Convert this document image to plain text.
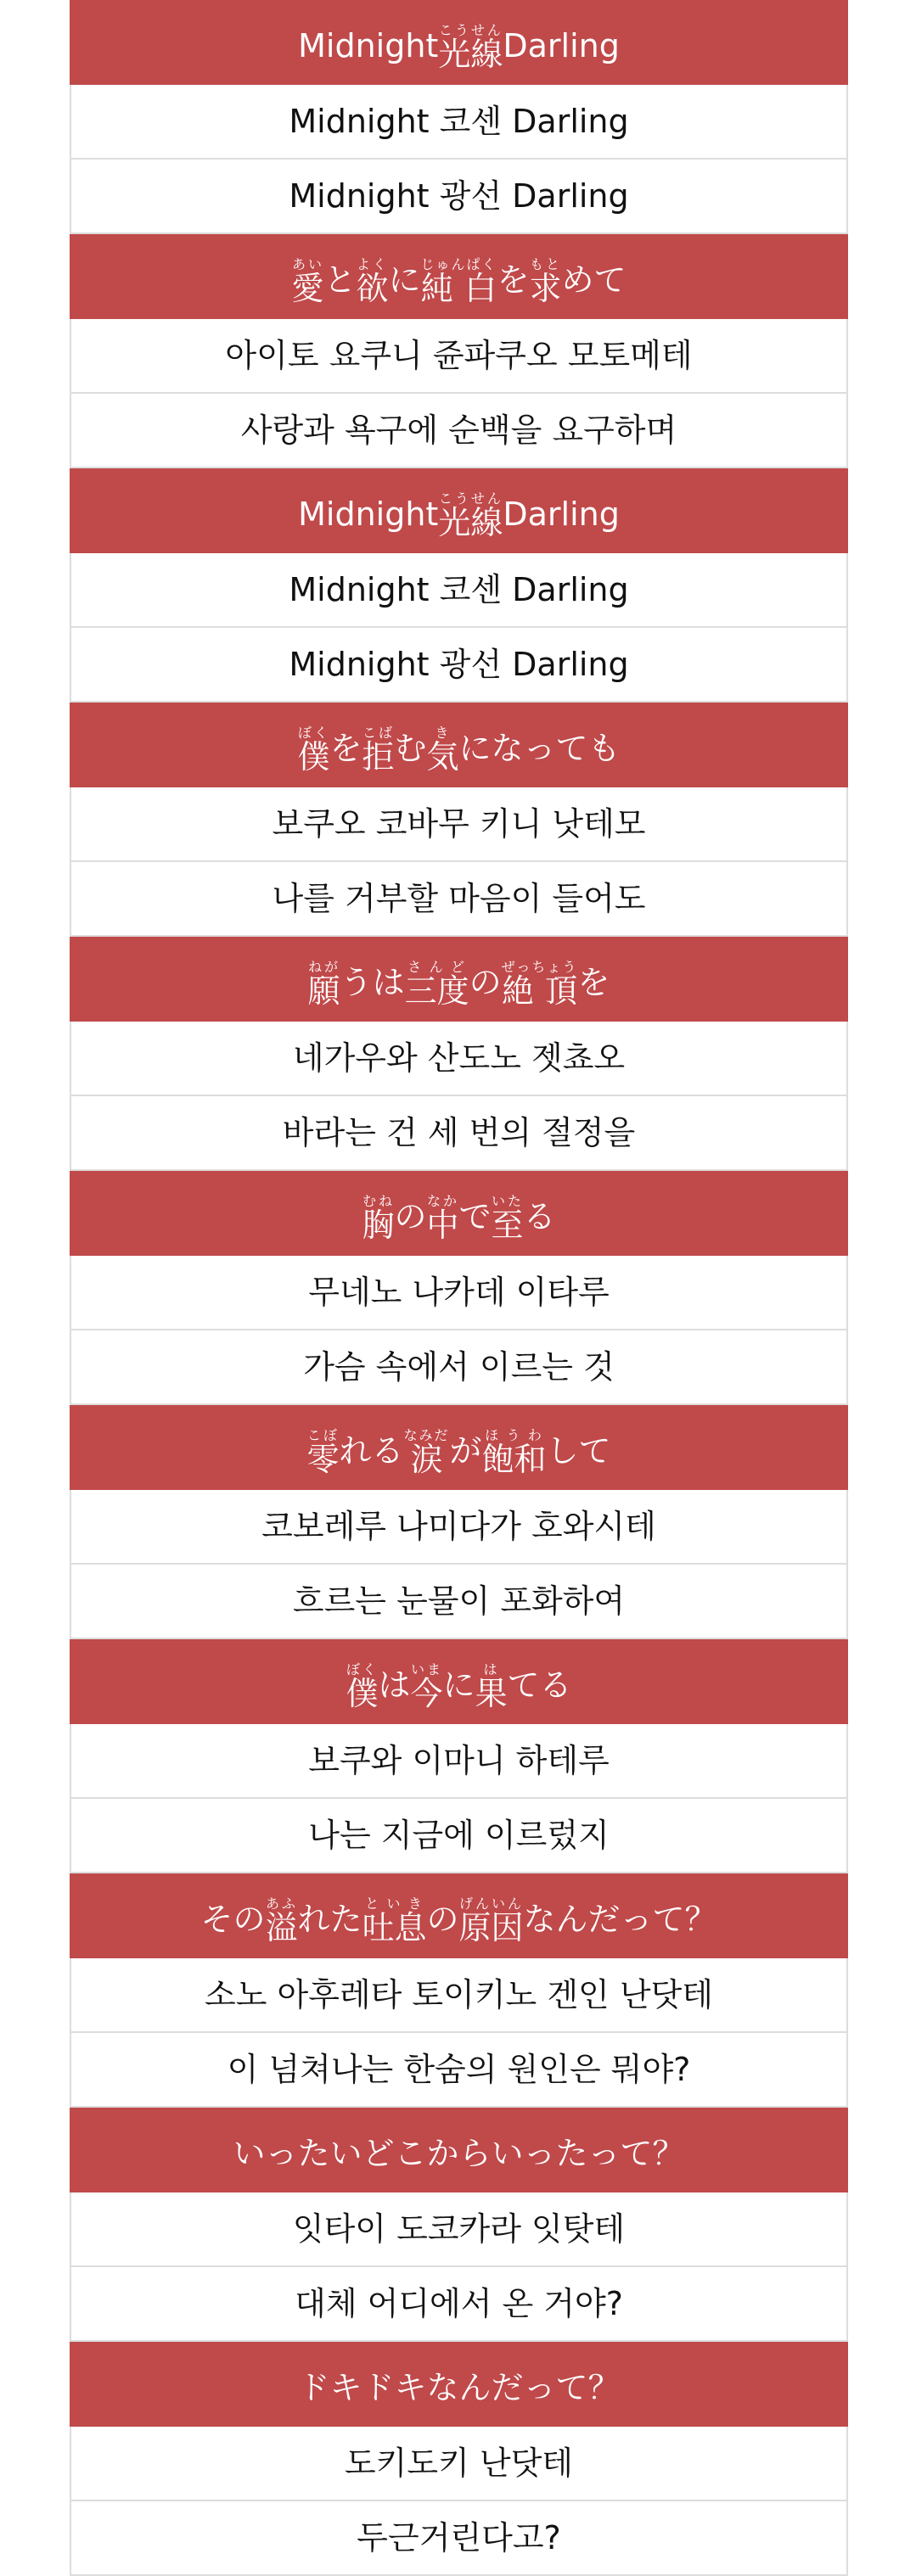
Midnight 光線こうせん Darling
Midnight 코센 Darling
Midnight 광선 Darling
愛あい と 欲よく に 純 白じゅんぱく を 求もと めて
아이토 요쿠니 쥰파쿠오 모토메테
사랑과 욕구에 순백을 요구하며
Midnight 光線こうせん Darling
Midnight 코센 Darling
Midnight 광선 Darling
僕ぼく を 拒こば む 気き になっても
보쿠오 코바무 키니 낫테모
나를 거부할 마음이 들어도
願ねが うは 三度さんど の 絶 頂ぜっちょう を
네가우와 산도노 젯쵸오
바라는 건 세 번의 절정을
胸むね の 中なか で 至いた る
무네노 나카데 이타루
가슴 속에서 이르는 것
零こぼ れる 涙なみだ が 飽和ほうわ して
코보레루 나미다가 호와시테
흐르는 눈물이 포화하여
僕ぼく は 今いま に 果は てる
보쿠와 이마니 하테루
나는 지금에 이르렀지
その 溢あふ れた 吐息といき の 原因げんいん なんだって？
소노 아후레타 토이키노 겐인 난닷테
이 넘쳐나는 한숨의 원인은 뭐야?
いったいどこからいったって？
잇타이 도코카라 잇탓테
대체 어디에서 온 거야?
ドキドキなんだって？
도키도키 난닷테
두근거린다고?
